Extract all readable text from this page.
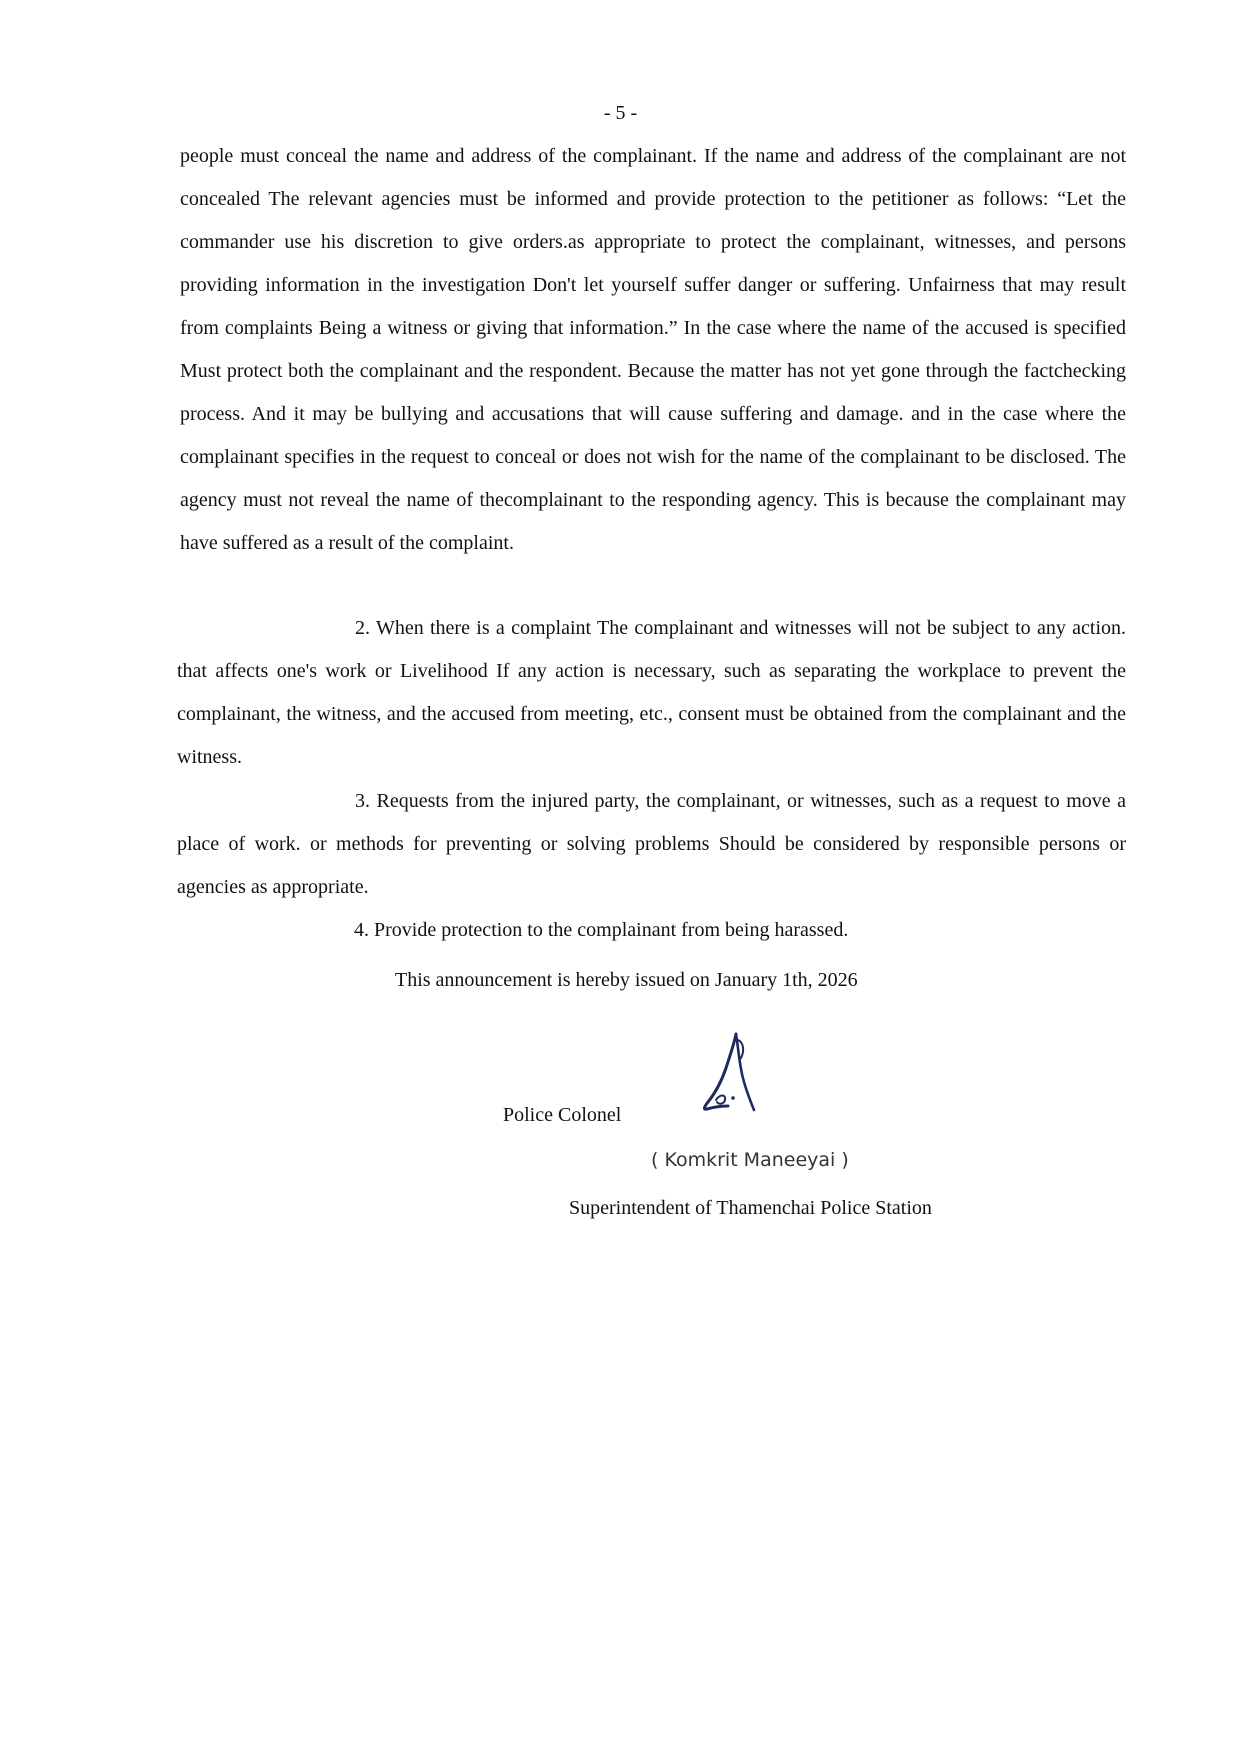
- 5 -

people must conceal the name and address of the complainant. If the name and address of the complainant are not concealed The relevant agencies must be informed and provide protection to the petitioner as follows: “Let the commander use his discretion to give orders.as appropriate to protect the complainant, witnesses, and persons providing information in the investigation Don't let yourself suffer danger or suffering. Unfairness that may result from complaints Being a witness or giving that information.” In the case where the name of the accused is specified Must protect both the complainant and the respondent. Because the matter has not yet gone through the factchecking process. And it may be bullying and accusations that will cause suffering and damage. and in the case where the complainant specifies in the request to conceal or does not wish for the name of the complainant to be disclosed. The agency must not reveal the name of thecomplainant to the responding agency. This is because the complainant may have suffered as a result of the complaint.

2. When there is a complaint The complainant and witnesses will not be subject to any action. that affects one's work or Livelihood If any action is necessary, such as separating the workplace to prevent the complainant, the witness, and the accused from meeting, etc., consent must be obtained from the complainant and the witness.

3. Requests from the injured party, the complainant, or witnesses, such as a request to move a place of work. or methods for preventing or solving problems Should be considered by responsible persons or agencies as appropriate.

4. Provide protection to the complainant from being harassed.

This announcement is hereby issued on January 1th, 2026
Police Colonel
( Komkrit Maneeyai )
Superintendent of Thamenchai Police Station
